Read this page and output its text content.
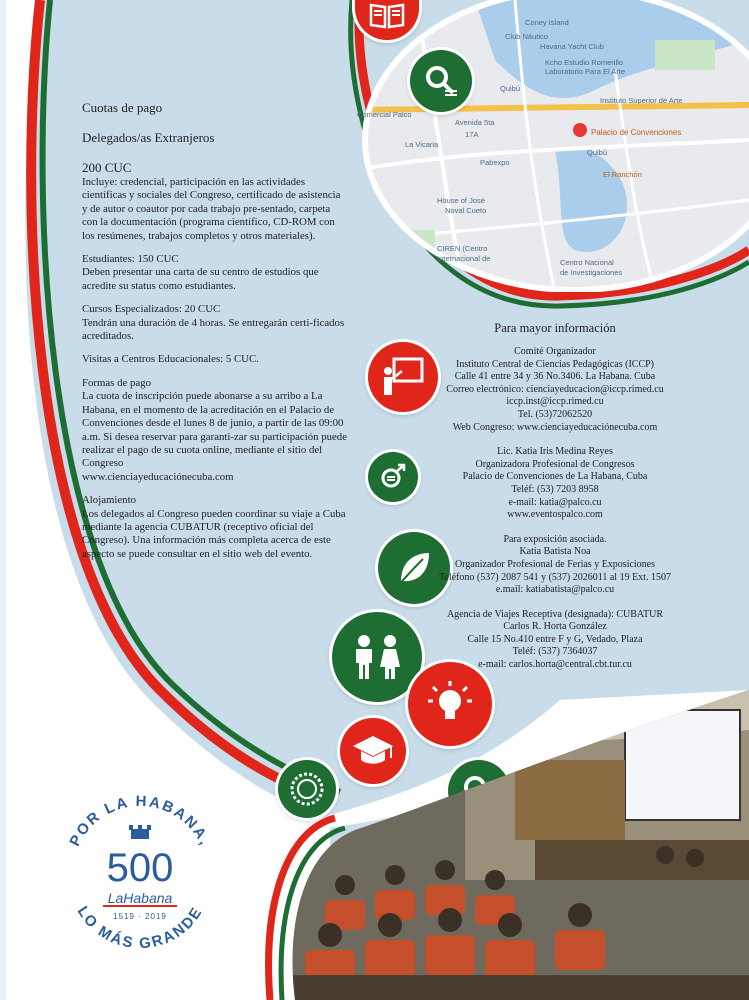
Coney Island
Club Náutico
Havana Yacht Club
Kcho Estudio Romerillo
Laboratorio Para El Arte
Instituto Superior de Arte
Comercial Palco
Avenida 5ta
Palacio de Convenciones
La Vicaria
Pabexpo
El Ranchón
House of José
Noval Cueto
CIREN (Centro
Internacional de	Centro Nacional
de Investigaciones
Quibú
Quibú
17A

Cuotas de pago

Delegados/as Extranjeros

200 CUC

Incluye: credencial, participación en las actividades científicas y sociales del Congreso, certificado de asistencia y de autor o coautor por cada trabajo pre-sentado, carpeta con la documentación (programa científico, CD-ROM con los resúmenes, trabajos completos y otros materiales).

Estudiantes: 150 CUC

Deben presentar una carta de su centro de estudios que acredite su status como estudiantes.

Cursos Especializados: 20 CUC

Tendrán una duración de 4 horas. Se entregarán certi-ficados acreditados.

Visitas a Centros Educacionales: 5 CUC.

Formas de pago

La cuota de inscripción puede abonarse a su arribo a La Habana, en el momento de la acreditación en el Palacio de Convenciones desde el lunes 8 de junio, a partir de las 09:00 a.m. Si desea reservar para garanti-zar su participación puede realizar el pago de su cuota online, mediante el sitio del Congreso

www.cienciayeducaciónecuba.com

Alojamiento

Los delegados al Congreso pueden coordinar su viaje a Cuba mediante la agencia CUBATUR (receptivo oficial del Congreso). Una información más completa acerca de este aspecto se puede consultar en el sitio web del evento.

Para mayor información

Comité Organizador

Instituto Central de Ciencias Pedagógicas (ICCP)

Calle 41 entre 34 y 36 No.3406. La Habana. Cuba

Correo electrónico: cienciayeducacion@iccp.rimed.cu

iccp.inst@iccp.rimed.cu

Tel. (53)72062520

Web Congreso: www.cienciayeducaciónecuba.com

Lic. Katia Iris Medina Reyes

Organizadora Profesional de Congresos

Palacio de Convenciones de La Habana, Cuba

Teléf: (53) 7203 8958

e-mail: katia@palco.cu

www.eventospalco.com

Para exposición asociada.

Katia Batista Noa

Organizador Profesional de Ferias y Exposiciones

Teléfono (537) 2087 541 y (537) 2026011 al 19 Ext. 1507

e.mail: katiabatista@palco.cu

Agencia de Viajes Receptiva (designada): CUBATUR

Carlos R. Horta González

Calle 15 No.410 entre F y G, Vedado, Plaza

Teléf: (537) 7364037

e-mail: carlos.horta@central.cbt.tur.cu

POR LA HABANA,
LO MÁS GRANDE
500
LaHabana
1519 · 2019
